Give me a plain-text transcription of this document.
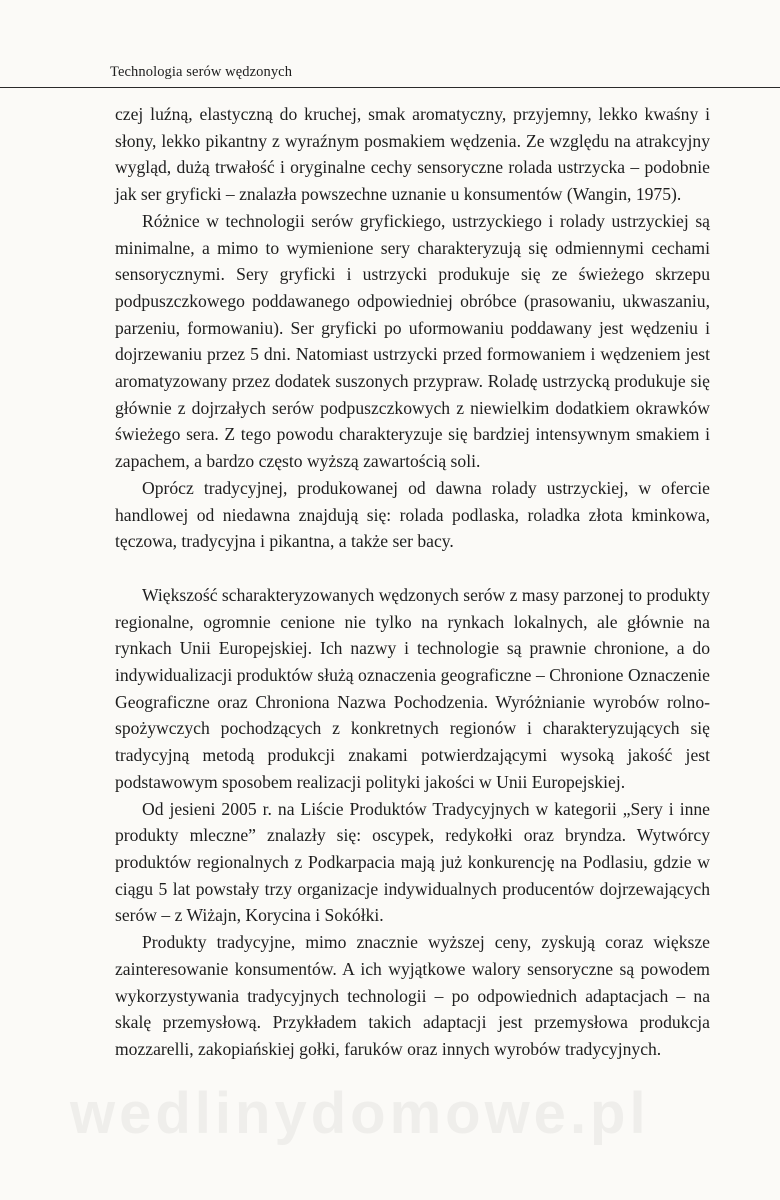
Technologia serów wędzonych

czej luźną, elastyczną do kruchej, smak aromatyczny, przyjemny, lekko kwaśny i słony, lekko pikantny z wyraźnym posmakiem wędzenia. Ze względu na atrakcyjny wygląd, dużą trwałość i oryginalne cechy sensoryczne rolada ustrzycka – podobnie jak ser gryficki – znalazła powszechne uznanie u konsumentów (Wangin, 1975).

Różnice w technologii serów gryfickiego, ustrzyckiego i rolady ustrzyckiej są minimalne, a mimo to wymienione sery charakteryzują się odmiennymi cechami sensorycznymi. Sery gryficki i ustrzycki produkuje się ze świeżego skrzepu podpuszczkowego poddawanego odpowiedniej obróbce (prasowaniu, ukwaszaniu, parzeniu, formowaniu). Ser gryficki po uformowaniu poddawany jest wędzeniu i dojrzewaniu przez 5 dni. Natomiast ustrzycki przed formowaniem i wędzeniem jest aromatyzowany przez dodatek suszonych przypraw. Roladę ustrzycką produkuje się głównie z dojrzałych serów podpuszczkowych z niewielkim dodatkiem okrawków świeżego sera. Z tego powodu charakteryzuje się bardziej intensywnym smakiem i zapachem, a bardzo często wyższą zawartością soli.

Oprócz tradycyjnej, produkowanej od dawna rolady ustrzyckiej, w ofercie handlowej od niedawna znajdują się: rolada podlaska, roladka złota kminkowa, tęczowa, tradycyjna i pikantna, a także ser bacy.

Większość scharakteryzowanych wędzonych serów z masy parzonej to produkty regionalne, ogromnie cenione nie tylko na rynkach lokalnych, ale głównie na rynkach Unii Europejskiej. Ich nazwy i technologie są prawnie chronione, a do indywidualizacji produktów służą oznaczenia geograficzne – Chronione Oznaczenie Geograficzne oraz Chroniona Nazwa Pochodzenia. Wyróżnianie wyrobów rolno-spożywczych pochodzących z konkretnych regionów i charakteryzujących się tradycyjną metodą produkcji znakami potwierdzającymi wysoką jakość jest podstawowym sposobem realizacji polityki jakości w Unii Europejskiej.

Od jesieni 2005 r. na Liście Produktów Tradycyjnych w kategorii „Sery i inne produkty mleczne” znalazły się: oscypek, redykołki oraz bryndza. Wytwórcy produktów regionalnych z Podkarpacia mają już konkurencję na Podlasiu, gdzie w ciągu 5 lat powstały trzy organizacje indywidualnych producentów dojrzewających serów – z Wiżajn, Korycina i Sokółki.

Produkty tradycyjne, mimo znacznie wyższej ceny, zyskują coraz większe zainteresowanie konsumentów. A ich wyjątkowe walory sensoryczne są powodem wykorzystywania tradycyjnych technologii – po odpowiednich adaptacjach – na skalę przemysłową. Przykładem takich adaptacji jest przemysłowa produkcja mozzarelli, zakopiańskiej gołki, faruków oraz innych wyrobów tradycyjnych.

wedlinydomowe.pl
